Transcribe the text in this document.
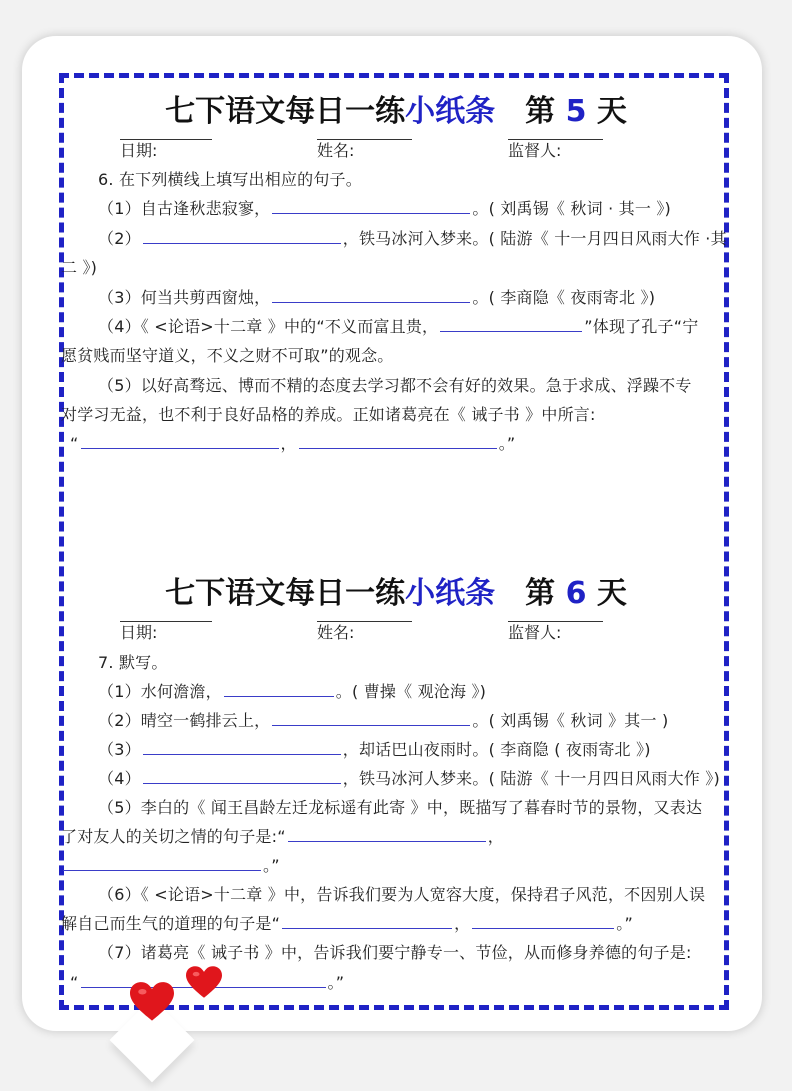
七下语文每日一练小纸条 第 5 天
日期:	姓名:	监督人:
6. 在下列横线上填写出相应的句子。
（1）自古逢秋悲寂寥，	。( 刘禹锡《 秋词 · 其一 》)
（2）	，铁马冰河入梦来。( 陆游《 十一月四日风雨大作 ·其
二 》)
（3）何当共剪西窗烛，	。( 李商隐《 夜雨寄北 》)
（4）《 <论语>十二章 》中的“不义而富且贵，	”体现了孔子“宁
愿贫贱而坚守道义，不义之财不可取”的观念。
（5）以好高骛远、博而不精的态度去学习都不会有好的效果。急于求成、浮躁不专
对学习无益，也不利于良好品格的养成。正如诸葛亮在《 诫子书 》中所言:
“	，	。”
七下语文每日一练小纸条 第 6 天
日期:	姓名:	监督人:
7. 默写。
（1）水何澹澹，	。( 曹操《 观沧海 》)
（2）晴空一鹤排云上，	。( 刘禹锡《 秋词 》其一 )
（3）	，却话巴山夜雨时。( 李商隐 ( 夜雨寄北 》)
（4）	，铁马冰河人梦来。( 陆游《 十一月四日风雨大作 》)
（5）李白的《 闻王昌龄左迁龙标遥有此寄 》中，既描写了暮春时节的景物，又表达
了对友人的关切之情的句子是:“	，
。”
（6）《 <论语>十二章 》中，告诉我们要为人宽容大度，保持君子风范，不因别人误
解自己而生气的道理的句子是“	，	。”
（7）诸葛亮《 诫子书 》中，告诉我们要宁静专一、节俭，从而修身养德的句子是:
“	。”
